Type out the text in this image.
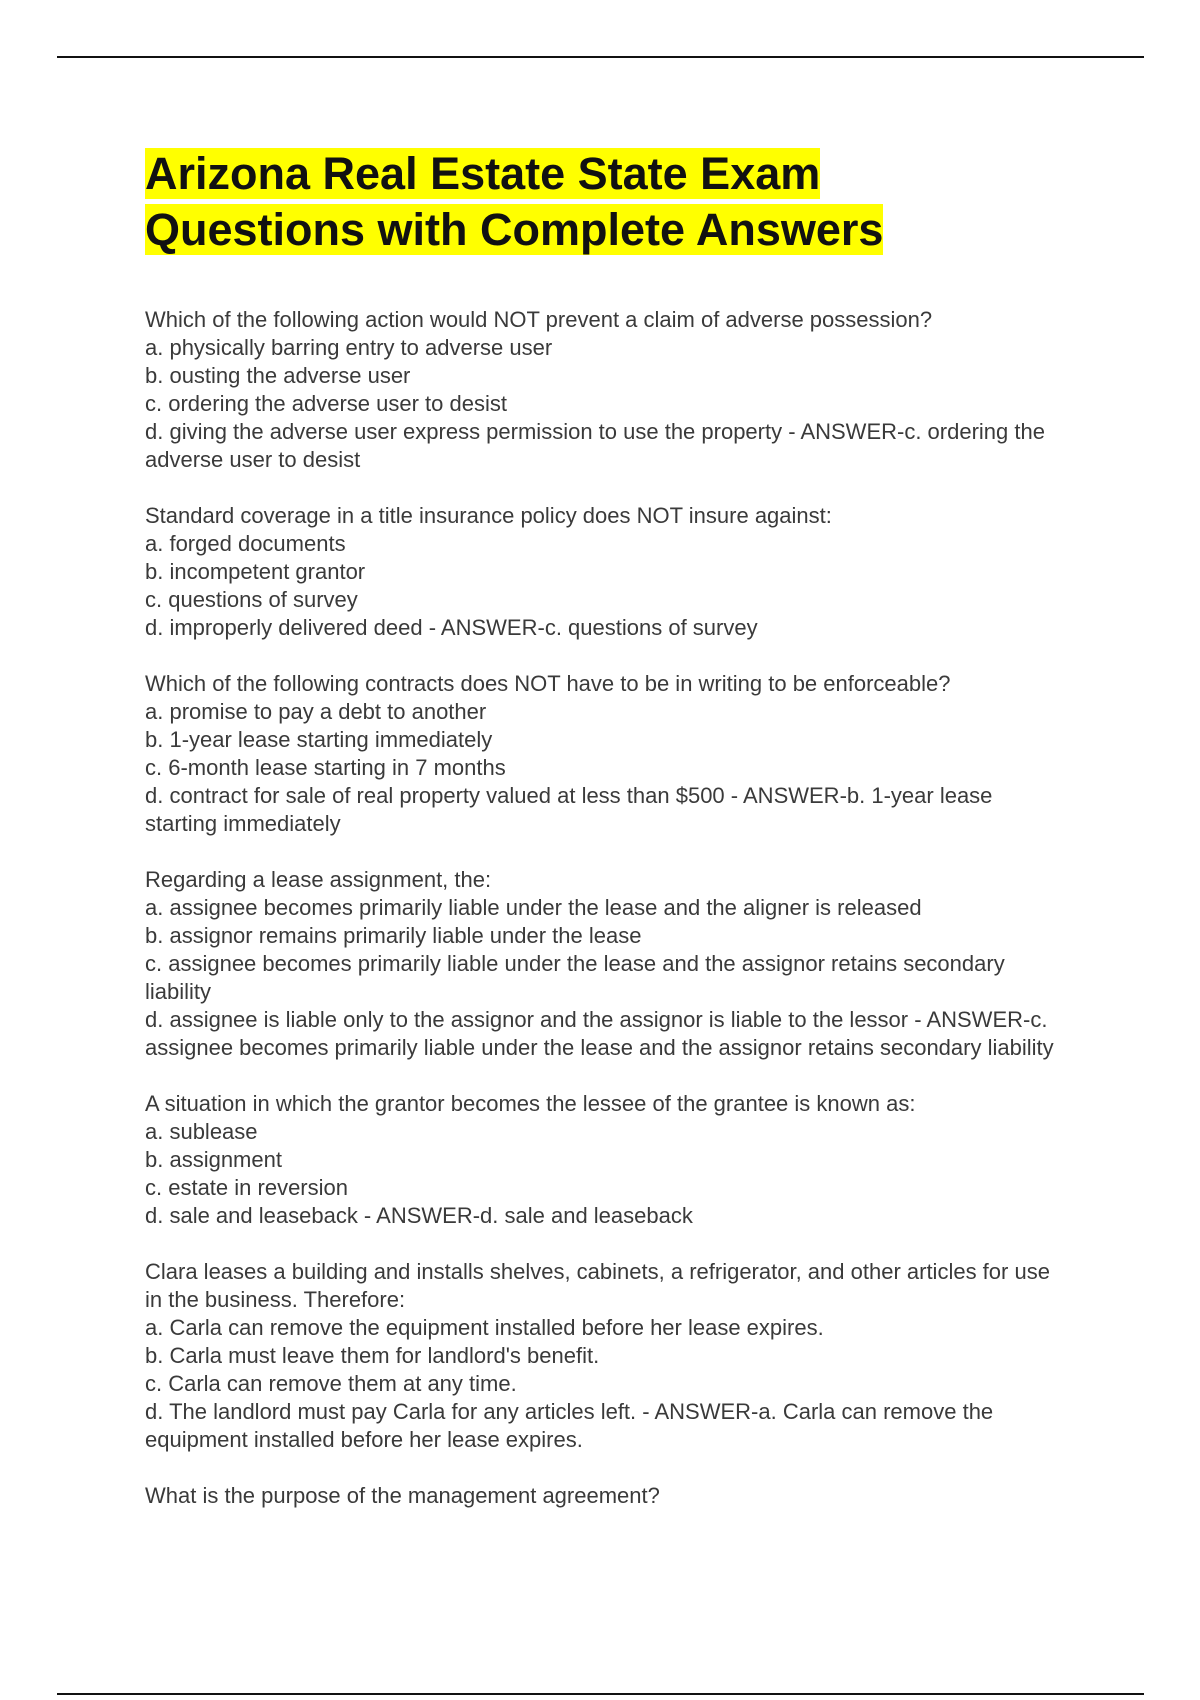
Arizona Real Estate State Exam
Questions with Complete Answers
Which of the following action would NOT prevent a claim of adverse possession?
a. physically barring entry to adverse user
b. ousting the adverse user
c. ordering the adverse user to desist
d. giving the adverse user express permission to use the property - ANSWER-c. ordering the adverse user to desist
Standard coverage in a title insurance policy does NOT insure against:
a. forged documents
b. incompetent grantor
c. questions of survey
d. improperly delivered deed - ANSWER-c. questions of survey
Which of the following contracts does NOT have to be in writing to be enforceable?
a. promise to pay a debt to another
b. 1-year lease starting immediately
c. 6-month lease starting in 7 months
d. contract for sale of real property valued at less than $500 - ANSWER-b. 1-year lease starting immediately
Regarding a lease assignment, the:
a. assignee becomes primarily liable under the lease and the aligner is released
b. assignor remains primarily liable under the lease
c. assignee becomes primarily liable under the lease and the assignor retains secondary liability
d. assignee is liable only to the assignor and the assignor is liable to the lessor - ANSWER-c. assignee becomes primarily liable under the lease and the assignor retains secondary liability
A situation in which the grantor becomes the lessee of the grantee is known as:
a. sublease
b. assignment
c. estate in reversion
d. sale and leaseback - ANSWER-d. sale and leaseback
Clara leases a building and installs shelves, cabinets, a refrigerator, and other articles for use in the business. Therefore:
a. Carla can remove the equipment installed before her lease expires.
b. Carla must leave them for landlord's benefit.
c. Carla can remove them at any time.
d. The landlord must pay Carla for any articles left. - ANSWER-a. Carla can remove the equipment installed before her lease expires.
What is the purpose of the management agreement?
